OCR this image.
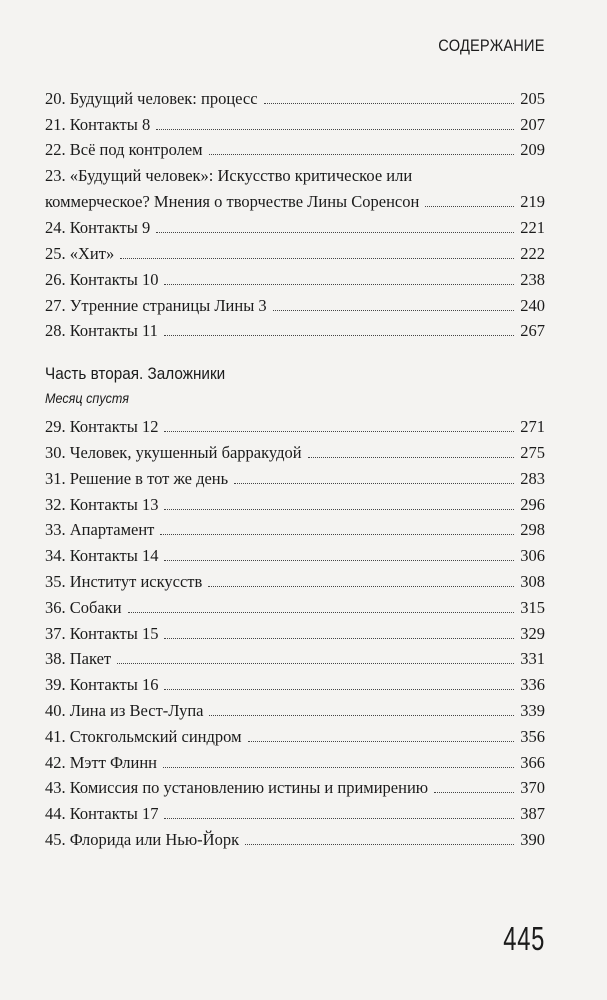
СОДЕРЖАНИЕ
20. Будущий человек: процесс	205
21. Контакты 8	207
22. Всё под контролем	209
23. «Будущий человек»: Искусство критическое или
коммерческое? Мнения о творчестве Лины Соренсон	219
24. Контакты 9	221
25. «Хит»	222
26. Контакты 10	238
27. Утренние страницы Лины 3	240
28. Контакты 11	267
Часть вторая. Заложники
Месяц спустя
29. Контакты 12	271
30. Человек, укушенный барракудой	275
31. Решение в тот же день	283
32. Контакты 13	296
33. Апартамент	298
34. Контакты 14	306
35. Институт искусств	308
36. Собаки	315
37. Контакты 15	329
38. Пакет	331
39. Контакты 16	336
40. Лина из Вест-Лупа	339
41. Стокгольмский синдром	356
42. Мэтт Флинн	366
43. Комиссия по установлению истины и примирению	370
44. Контакты 17	387
45. Флорида или Нью-Йорк	390
445
